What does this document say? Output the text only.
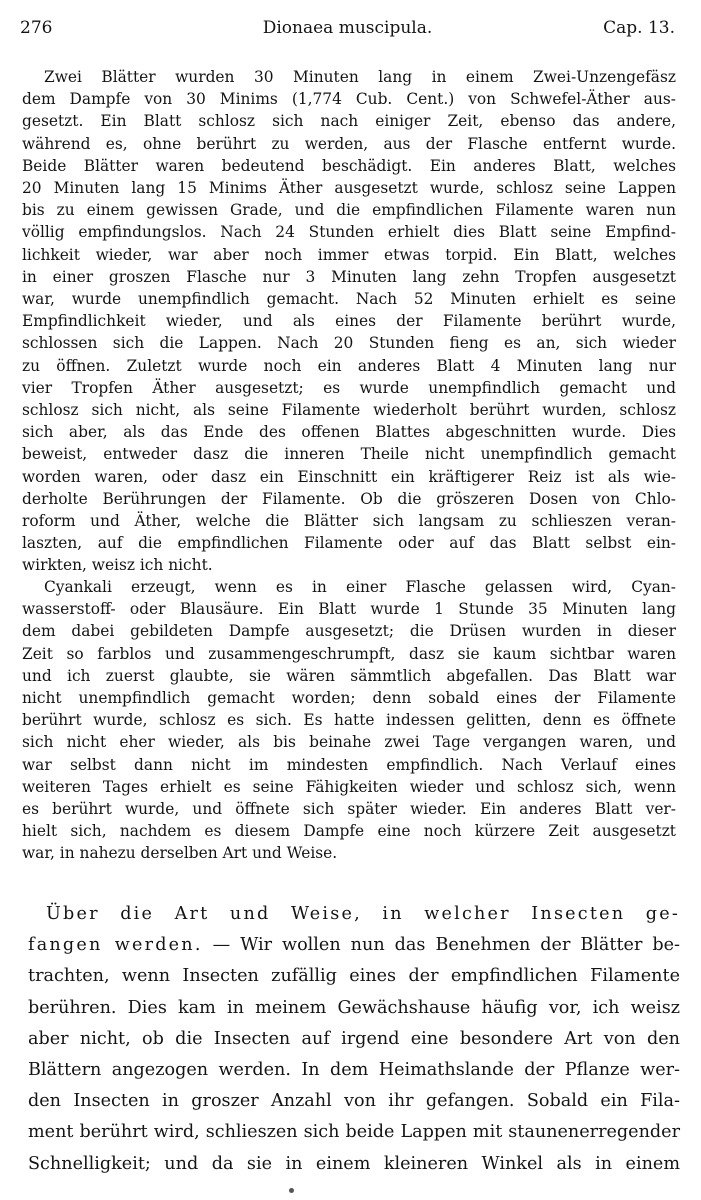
Dionaea muscipula.
276	Cap. 13.
Zwei Blätter wurden 30 Minuten lang in einem Zwei-Unzengefäsz
dem Dampfe von 30 Minims (1,774 Cub. Cent.) von Schwefel-Äther aus-
gesetzt. Ein Blatt schlosz sich nach einiger Zeit, ebenso das andere,
während es, ohne berührt zu werden, aus der Flasche entfernt wurde.
Beide Blätter waren bedeutend beschädigt. Ein anderes Blatt, welches
20 Minuten lang 15 Minims Äther ausgesetzt wurde, schlosz seine Lappen
bis zu einem gewissen Grade, und die empfindlichen Filamente waren nun
völlig empfindungslos. Nach 24 Stunden erhielt dies Blatt seine Empfind-
lichkeit wieder, war aber noch immer etwas torpid. Ein Blatt, welches
in einer groszen Flasche nur 3 Minuten lang zehn Tropfen ausgesetzt
war, wurde unempfindlich gemacht. Nach 52 Minuten erhielt es seine
Empfindlichkeit wieder, und als eines der Filamente berührt wurde,
schlossen sich die Lappen. Nach 20 Stunden fieng es an, sich wieder
zu öffnen. Zuletzt wurde noch ein anderes Blatt 4 Minuten lang nur
vier Tropfen Äther ausgesetzt; es wurde unempfindlich gemacht und
schlosz sich nicht, als seine Filamente wiederholt berührt wurden, schlosz
sich aber, als das Ende des offenen Blattes abgeschnitten wurde. Dies
beweist, entweder dasz die inneren Theile nicht unempfindlich gemacht
worden waren, oder dasz ein Einschnitt ein kräftigerer Reiz ist als wie-
derholte Berührungen der Filamente. Ob die gröszeren Dosen von Chlo-
roform und Äther, welche die Blätter sich langsam zu schlieszen veran-
laszten, auf die empfindlichen Filamente oder auf das Blatt selbst ein-
wirkten, weisz ich nicht.
Cyankali erzeugt, wenn es in einer Flasche gelassen wird, Cyan-
wasserstoff- oder Blausäure. Ein Blatt wurde 1 Stunde 35 Minuten lang
dem dabei gebildeten Dampfe ausgesetzt; die Drüsen wurden in dieser
Zeit so farblos und zusammengeschrumpft, dasz sie kaum sichtbar waren
und ich zuerst glaubte, sie wären sämmtlich abgefallen. Das Blatt war
nicht unempfindlich gemacht worden; denn sobald eines der Filamente
berührt wurde, schlosz es sich. Es hatte indessen gelitten, denn es öffnete
sich nicht eher wieder, als bis beinahe zwei Tage vergangen waren, und
war selbst dann nicht im mindesten empfindlich. Nach Verlauf eines
weiteren Tages erhielt es seine Fähigkeiten wieder und schlosz sich, wenn
es berührt wurde, und öffnete sich später wieder. Ein anderes Blatt ver-
hielt sich, nachdem es diesem Dampfe eine noch kürzere Zeit ausgesetzt
war, in nahezu derselben Art und Weise.
Über die Art und Weise, in welcher Insecten ge-
fangen werden. — Wir wollen nun das Benehmen der Blätter be-
trachten, wenn Insecten zufällig eines der empfindlichen Filamente
berühren. Dies kam in meinem Gewächshause häufig vor, ich weisz
aber nicht, ob die Insecten auf irgend eine besondere Art von den
Blättern angezogen werden. In dem Heimathslande der Pflanze wer-
den Insecten in groszer Anzahl von ihr gefangen. Sobald ein Fila-
ment berührt wird, schlieszen sich beide Lappen mit staunenerregender
Schnelligkeit; und da sie in einem kleineren Winkel als in einem
